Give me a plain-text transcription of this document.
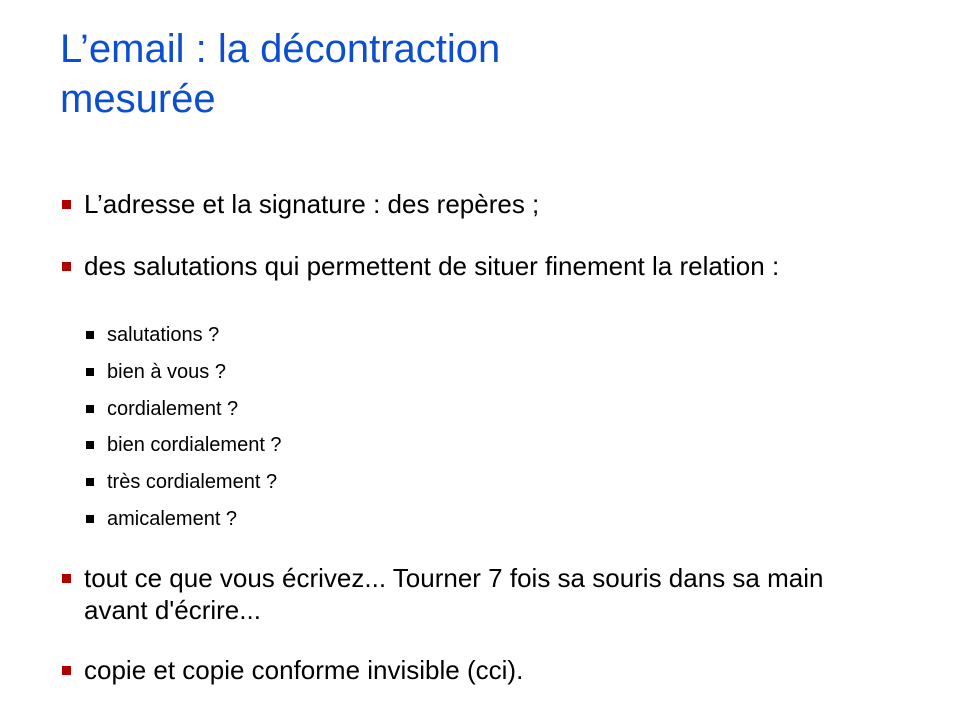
L’email : la décontraction
mesurée
L’adresse et la signature : des repères ;
des salutations qui permettent de situer finement la relation :
salutations ?
bien à vous ?
cordialement ?
bien cordialement ?
très cordialement ?
amicalement ?
tout ce que vous écrivez... Tourner 7 fois sa souris dans sa main avant d'écrire...
copie et copie conforme invisible (cci).
